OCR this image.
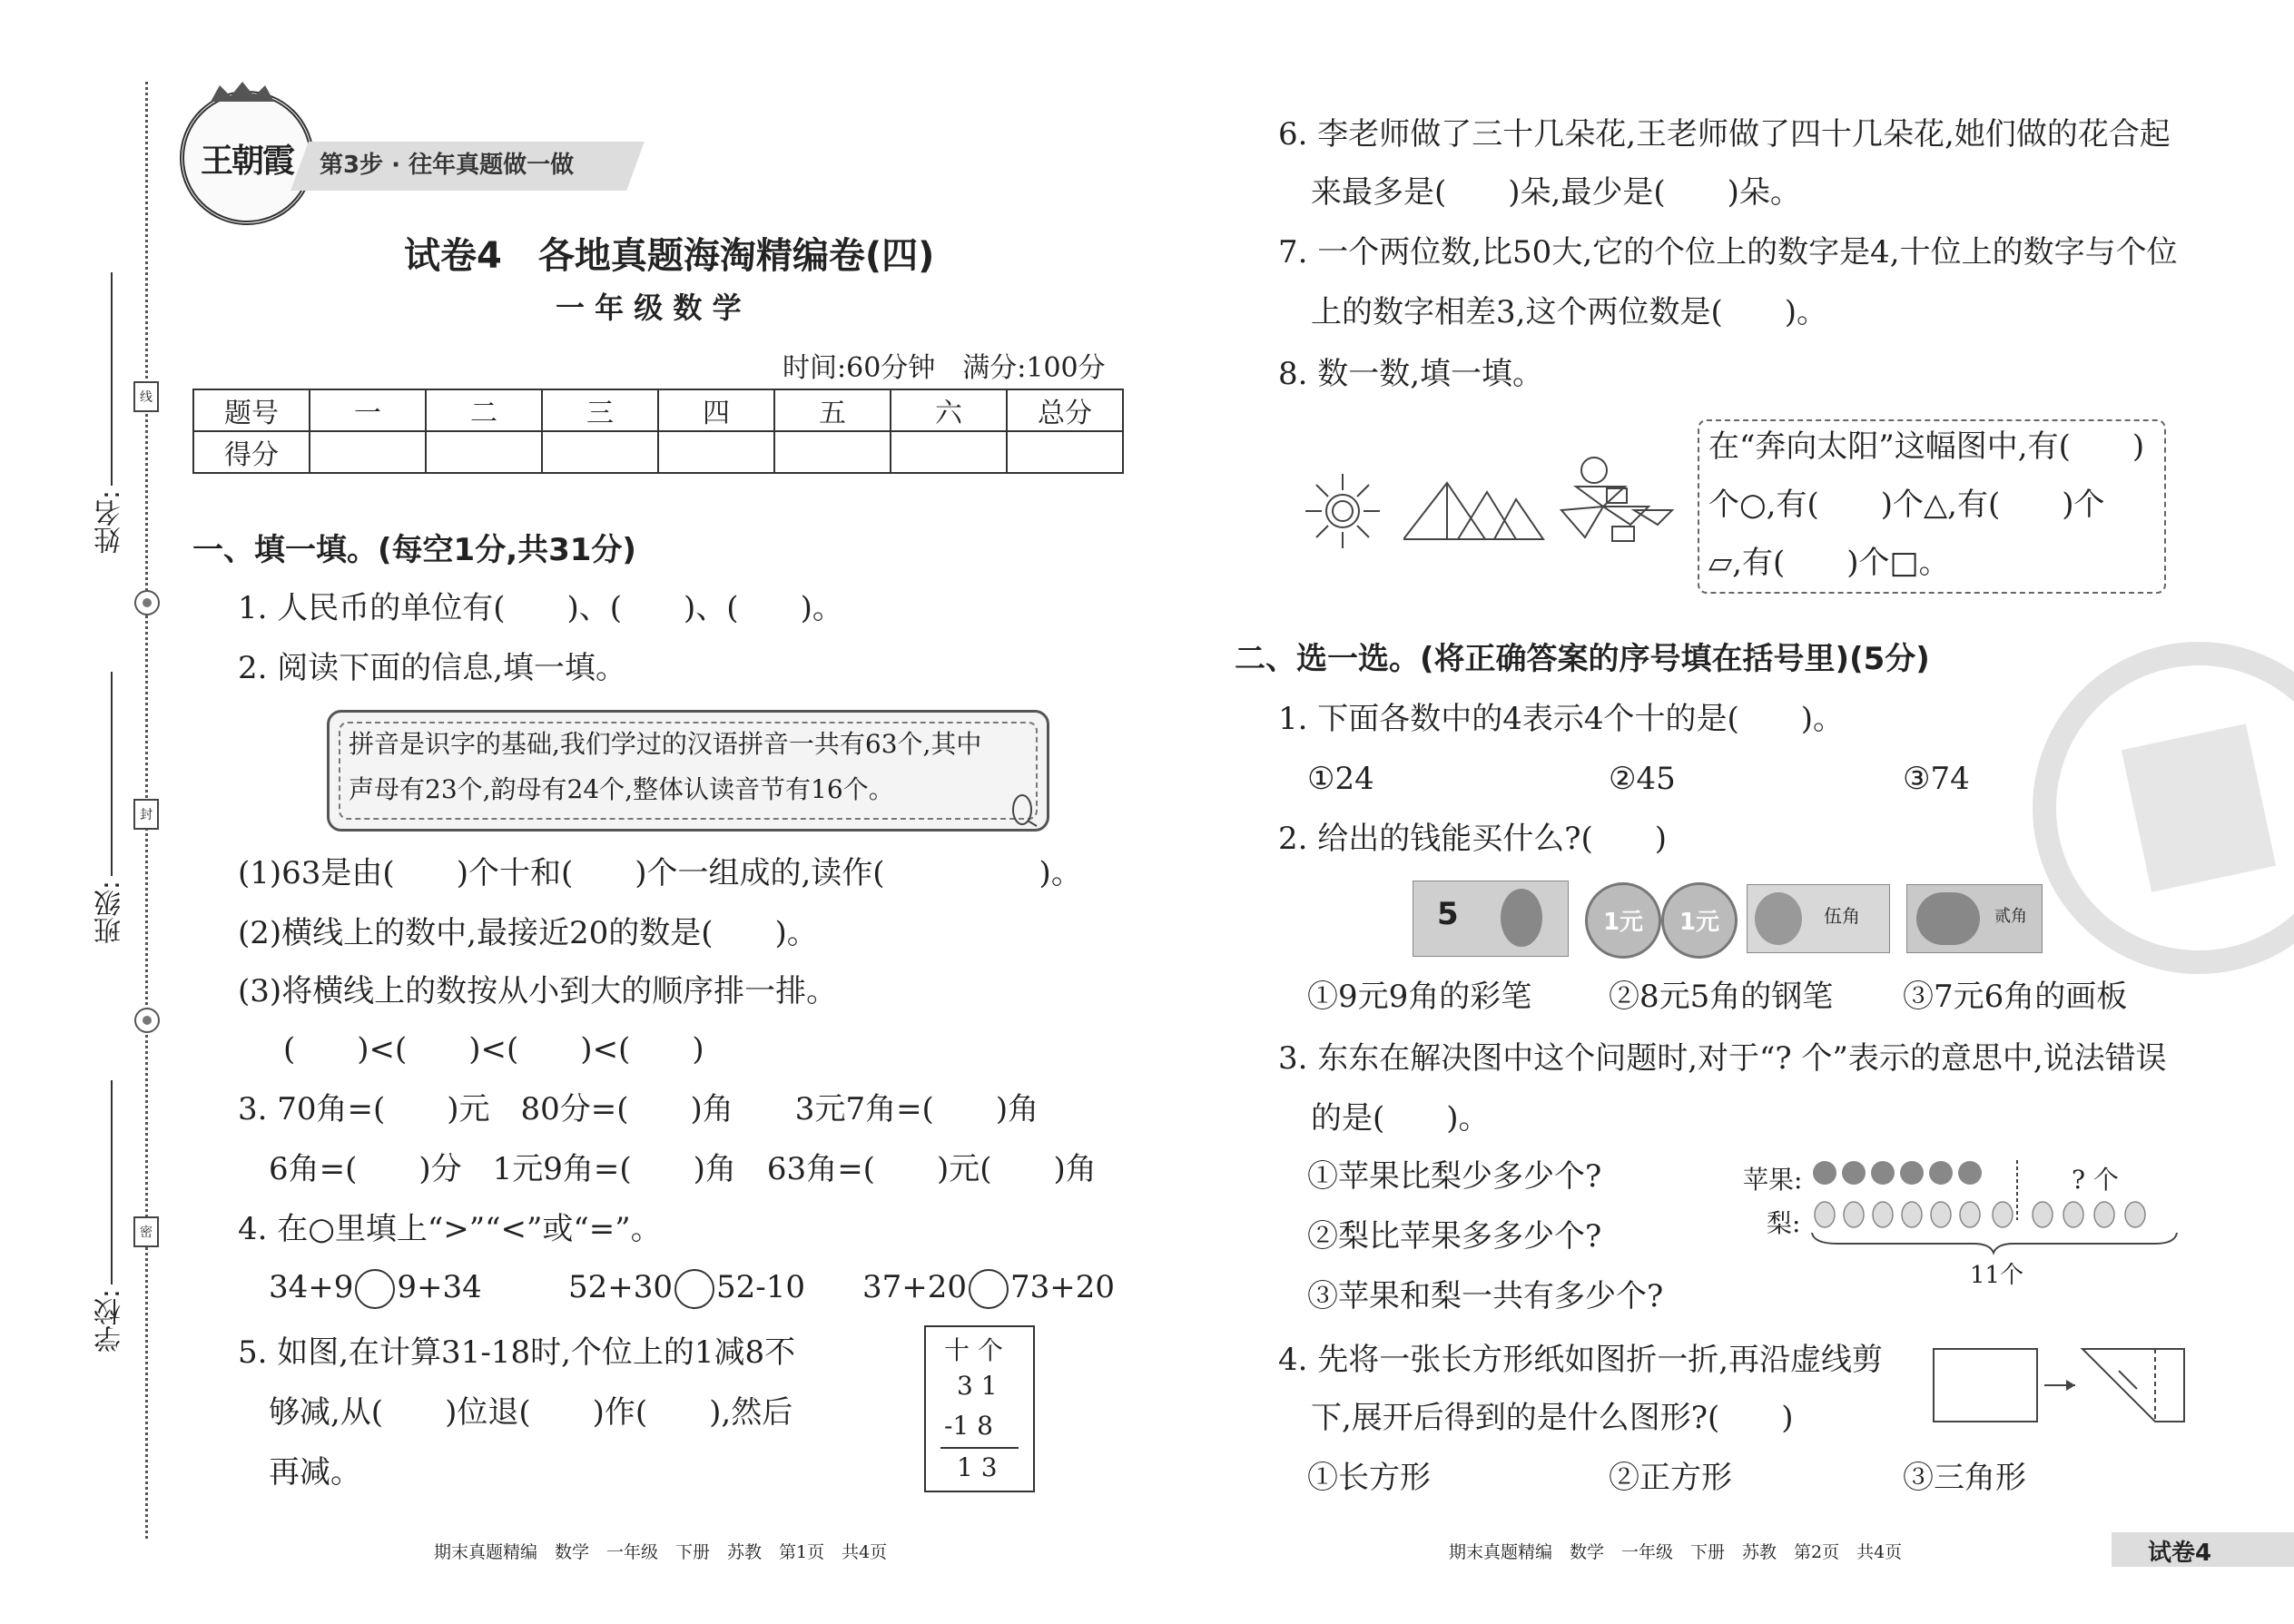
线
封
密
姓名:
班级:
学校:
王朝霞	第3步 · 往年真题做一做
试卷4　各地真题海淘精编卷(四)
一 年 级 数 学
时间:60分钟　满分:100分
题号	一	二	三	四	五	六	总分
得分							
一、填一填。(每空1分,共31分)
1. 人民币的单位有(　　)、(　　)、(　　)。
2. 阅读下面的信息,填一填。
拼音是识字的基础,我们学过的汉语拼音一共有63个,其中
声母有23个,韵母有24个,整体认读音节有16个。
(1)63是由(　　)个十和(　　)个一组成的,读作(　　　　　)。
(2)横线上的数中,最接近20的数是(　　)。
(3)将横线上的数按从小到大的顺序排一排。
(　　)<(　　)<(　　)<(　　)
3. 70角=(　　)元　80分=(　　)角　　3元7角=(　　)角
6角=(　　)分　1元9角=(　　)角　63角=(　　)元(　　)角
4. 在○里填上“>”“<”或“=”。
34+9 9+34	52+30 52-10 37+20 73+20
5. 如图,在计算31-18时,个位上的1减8不
够减,从(　　)位退(　　)作(　　),然后
再减。
十 个
3 1
-1 8
1 3
期末真题精编　数学　一年级　下册　苏教　第1页　共4页
6. 李老师做了三十几朵花,王老师做了四十几朵花,她们做的花合起
来最多是(　　)朵,最少是(　　)朵。
7. 一个两位数,比50大,它的个位上的数字是4,十位上的数字与个位
上的数字相差3,这个两位数是(　　)。
8. 数一数,填一填。
在“奔向太阳”这幅图中,有(　　)
个○,有(　　)个△,有(　　)个
▱,有(　　)个□。
二、选一选。(将正确答案的序号填在括号里)(5分)
1. 下面各数中的4表示4个十的是(　　)。
①24	②45	③74
2. 给出的钱能买什么?(　　)
5	1元	1元	伍角	贰角
①9元9角的彩笔 ②8元5角的钢笔 ③7元6角的画板
3. 东东在解决图中这个问题时,对于“? 个”表示的意思中,说法错误
的是(　　)。
①苹果比梨少多少个?
②梨比苹果多多少个?
③苹果和梨一共有多少个?
苹果:
梨:
? 个
11个
4. 先将一张长方形纸如图折一折,再沿虚线剪
下,展开后得到的是什么图形?(　　)
①长方形	②正方形	③三角形
期末真题精编　数学　一年级　下册　苏教　第2页　共4页	试卷4
